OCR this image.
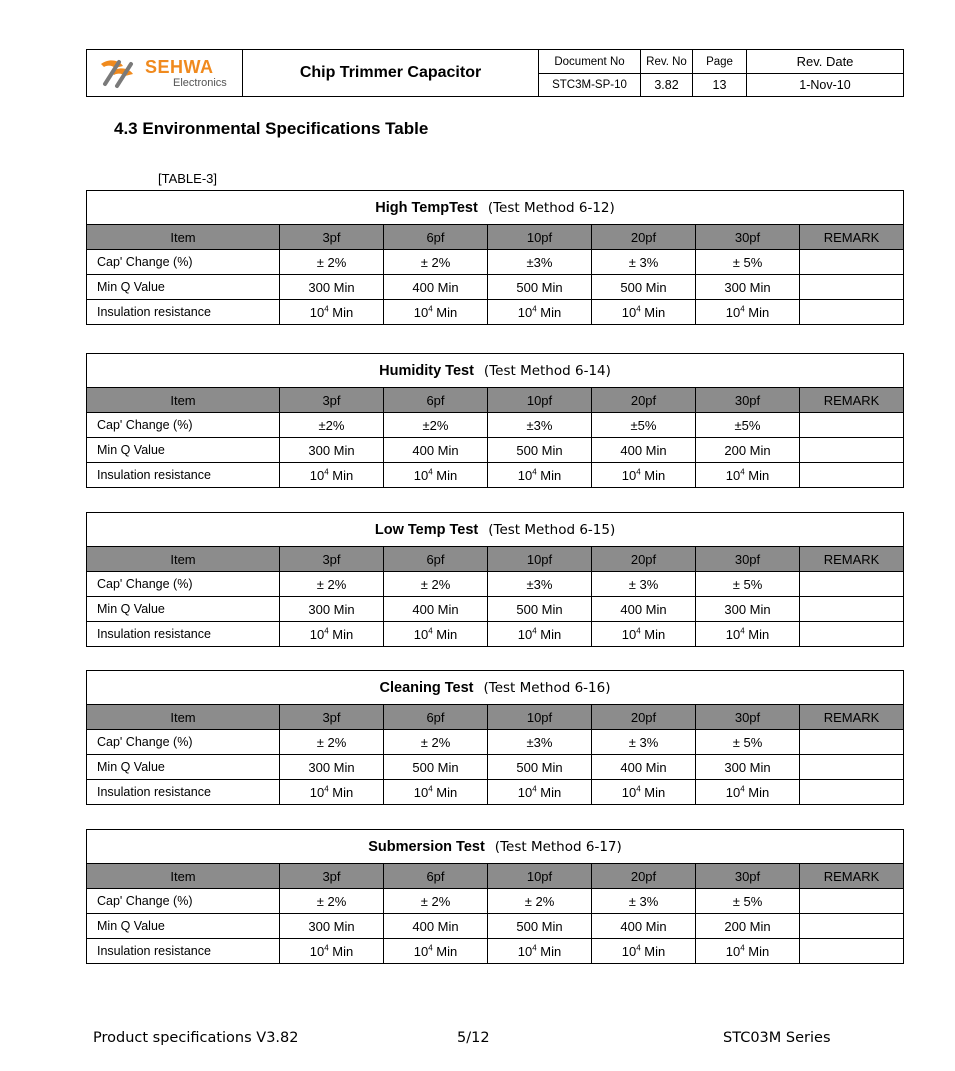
SEHWA
Electronics	Chip Trimmer Capacitor	Document No	Rev. No	Page	Rev. Date
		STC3M-SP-10	3.82	13	1-Nov-10
4.3 Environmental Specifications Table
[TABLE-3]
High TempTest (Test Method 6-12)						
Item	3pf	6pf	10pf	20pf	30pf	REMARK
Cap' Change (%)	± 2%	± 2%	±3%	± 3%	± 5%	
Min Q Value	300 Min	400 Min	500 Min	500 Min	300 Min	
Insulation resistance	$10^4$ Min	$10^4$ Min	$10^4$ Min	$10^4$ Min	$10^4$ Min	
Humidity Test (Test Method 6-14)						
Item	3pf	6pf	10pf	20pf	30pf	REMARK
Cap' Change (%)	±2%	±2%	±3%	±5%	±5%	
Min Q Value	300 Min	400 Min	500 Min	400 Min	200 Min	
Insulation resistance	$10^4$ Min	$10^4$ Min	$10^4$ Min	$10^4$ Min	$10^4$ Min	
Low Temp Test (Test Method 6-15)						
Item	3pf	6pf	10pf	20pf	30pf	REMARK
Cap' Change (%)	± 2%	± 2%	±3%	± 3%	± 5%	
Min Q Value	300 Min	400 Min	500 Min	400 Min	300 Min	
Insulation resistance	$10^4$ Min	$10^4$ Min	$10^4$ Min	$10^4$ Min	$10^4$ Min	
Cleaning Test (Test Method 6-16)						
Item	3pf	6pf	10pf	20pf	30pf	REMARK
Cap' Change (%)	± 2%	± 2%	±3%	± 3%	± 5%	
Min Q Value	300 Min	500 Min	500 Min	400 Min	300 Min	
Insulation resistance	$10^4$ Min	$10^4$ Min	$10^4$ Min	$10^4$ Min	$10^4$ Min	
Submersion Test (Test Method 6-17)						
Item	3pf	6pf	10pf	20pf	30pf	REMARK
Cap' Change (%)	± 2%	± 2%	± 2%	± 3%	± 5%	
Min Q Value	300 Min	400 Min	500 Min	400 Min	200 Min	
Insulation resistance	$10^4$ Min	$10^4$ Min	$10^4$ Min	$10^4$ Min	$10^4$ Min	
Product specifications V3.82	5/12	STC03M Series
